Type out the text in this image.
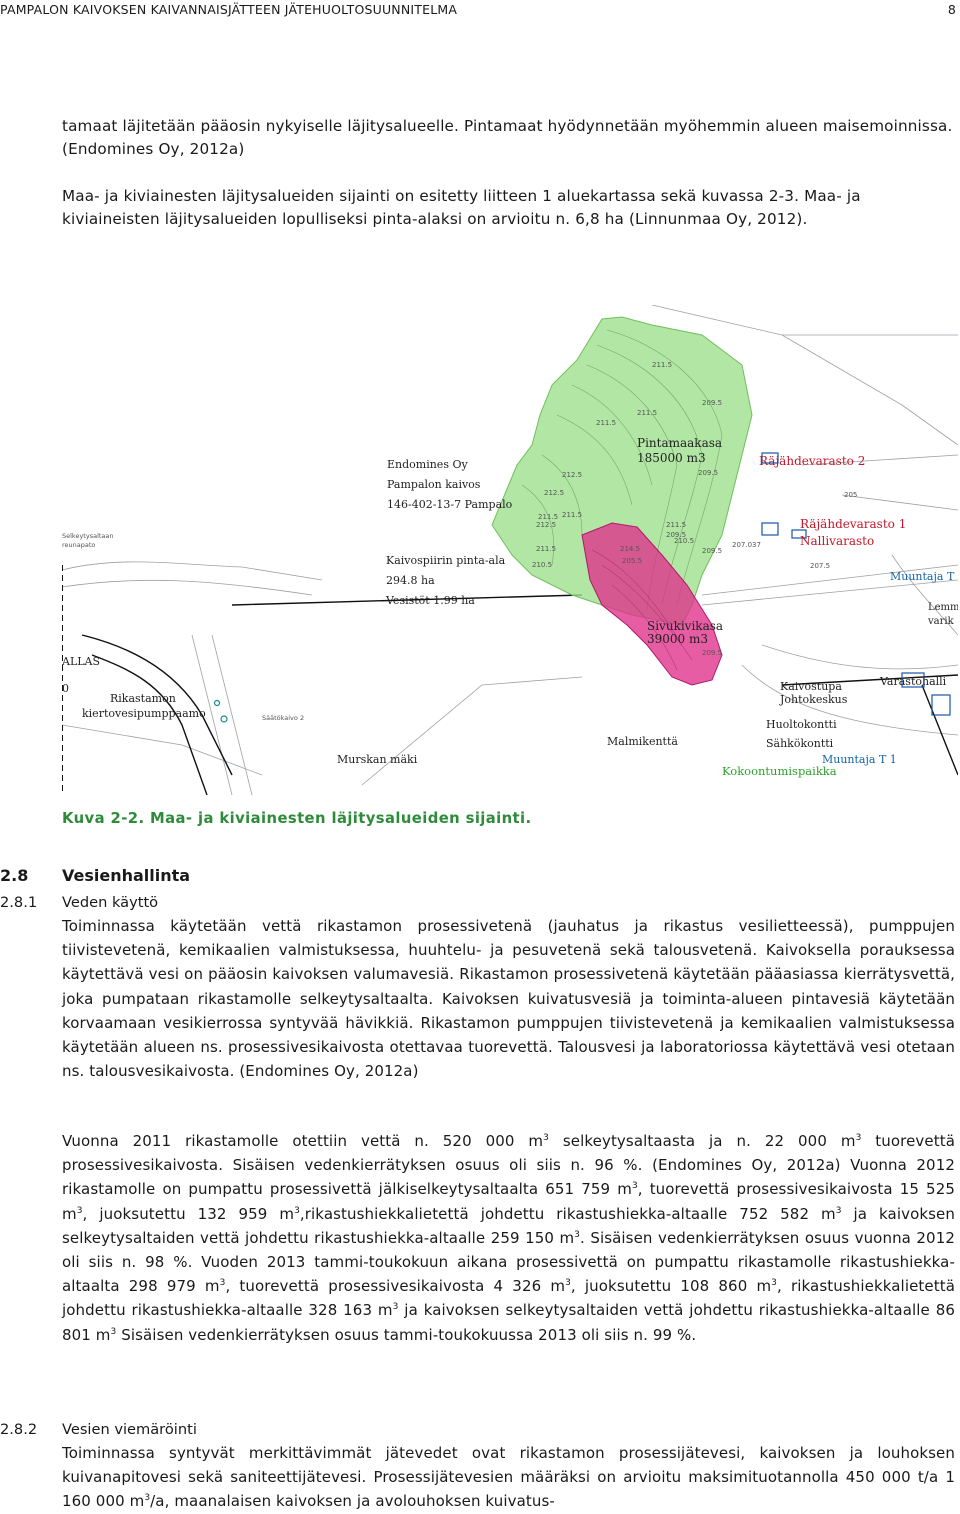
PAMPALON KAIVOKSEN KAIVANNAISJÄTTEEN JÄTEHUOLTOSUUNNITELMA	8
tamaat läjitetään pääosin nykyiselle läjitysalueelle. Pintamaat hyödynnetään myöhemmin alueen maisemoinnissa. (Endomines Oy, 2012a)
Maa- ja kiviainesten läjitysalueiden sijainti on esitetty liitteen 1 aluekartassa sekä kuvassa 2-3. Maa- ja kiviaineisten läjitysalueiden lopulliseksi pinta-alaksi on arvioitu n. 6,8 ha (Linnunmaa Oy, 2012).
211.5
211.5
211.5
212.5
212.5
211.5 211.5
212.5
211.5
210.5
209.5
209.5
209.5
211.5
209.5
210.5	207.037
207.5
205
209.5
214.5
205.5
Endomines Oy
Pampalon kaivos
146-402-13-7 Pampalo
Kaivospiirin pinta-ala
294.8 ha
Vesistöt 1.99 ha
Pintamaakasa
185000 m3
Sivukivikasa
39000 m3
ALLAS
0
Rikastamon
kiertovesipumppaamo
Murskan mäki
Malmikenttä
Kaivostupa
Johtokeskus
Varastohalli
Huoltokontti
Sähkökontti
Lemm
varik
Räjähdevarasto 2
Räjähdevarasto 1
Nallivarasto
Muuntaja T
Muuntaja T 1
Kokoontumispaikka
Selkeytysaltaan
reunapato
Säätökaivo 2
Kuva 2-2. Maa- ja kiviainesten läjitysalueiden sijainti.
2.8 Vesienhallinta
2.8.1 Veden käyttö
Toiminnassa käytetään vettä rikastamon prosessivetenä (jauhatus ja rikastus vesilietteessä), pumppujen tiivistevetenä, kemikaalien valmistuksessa, huuhtelu- ja pesuvetenä sekä talousvetenä. Kaivoksella porauksessa käytettävä vesi on pääosin kaivoksen valumavesiä. Rikastamon prosessivetenä käytetään pääasiassa kierrätysvettä, joka pumpataan rikastamolle selkeytysaltaalta. Kaivoksen kuivatusvesiä ja toiminta-alueen pintavesiä käytetään korvaamaan vesikierrossa syntyvää hävikkiä. Rikastamon pumppujen tiivistevetenä ja kemikaalien valmistuksessa käytetään alueen ns. prosessivesikaivosta otettavaa tuorevettä. Talousvesi ja laboratoriossa käytettävä vesi otetaan ns. talousvesikaivosta. (Endomines Oy, 2012a)
Vuonna 2011 rikastamolle otettiin vettä n. 520 000 $m^3$ selkeytysaltaasta ja n. 22 000 $m^3$ tuorevettä prosessivesikaivosta. Sisäisen vedenkierrätyksen osuus oli siis n. 96 %. (Endomines Oy, 2012a) Vuonna 2012 rikastamolle on pumpattu prosessivettä jälkiselkeytysaltaalta 651 759 $m^3$, tuorevettä prosessivesikaivosta 15 525 $m^3$, juoksutettu 132 959 $m^3,rikastushiekkalietettä$ johdettu rikastushiekka-altaalle 752 582 $m^3$ ja kaivoksen selkeytysaltaiden vettä johdettu rikastushiekka-altaalle 259 150 $m^3$. Sisäisen vedenkierrätyksen osuus vuonna 2012 oli siis n. 98 %. Vuoden 2013 tammi-toukokuun aikana prosessivettä on pumpattu rikastamolle rikastushiekka-altaalta 298 979 $m^3$, tuorevettä prosessivesikaivosta 4 326 $m^3$, juoksutettu 108 860 $m^3$, rikastushiekkalietettä johdettu rikastushiekka-altaalle 328 163 $m^3$ ja kaivoksen selkeytysaltaiden vettä johdettu rikastushiekka-altaalle 86 801 $m^3$ Sisäisen vedenkierrätyksen osuus tammi-toukokuussa 2013 oli siis n. 99 %.
2.8.2 Vesien viemäröinti
Toiminnassa syntyvät merkittävimmät jätevedet ovat rikastamon prosessijätevesi, kaivoksen ja louhoksen kuivanapitovesi sekä saniteettijätevesi. Prosessijätevesien määräksi on arvioitu maksimituotannolla 450 000 t/a 1 160 000 $m^3/a$, maanalaisen kaivoksen ja avolouhoksen kuivatus-
